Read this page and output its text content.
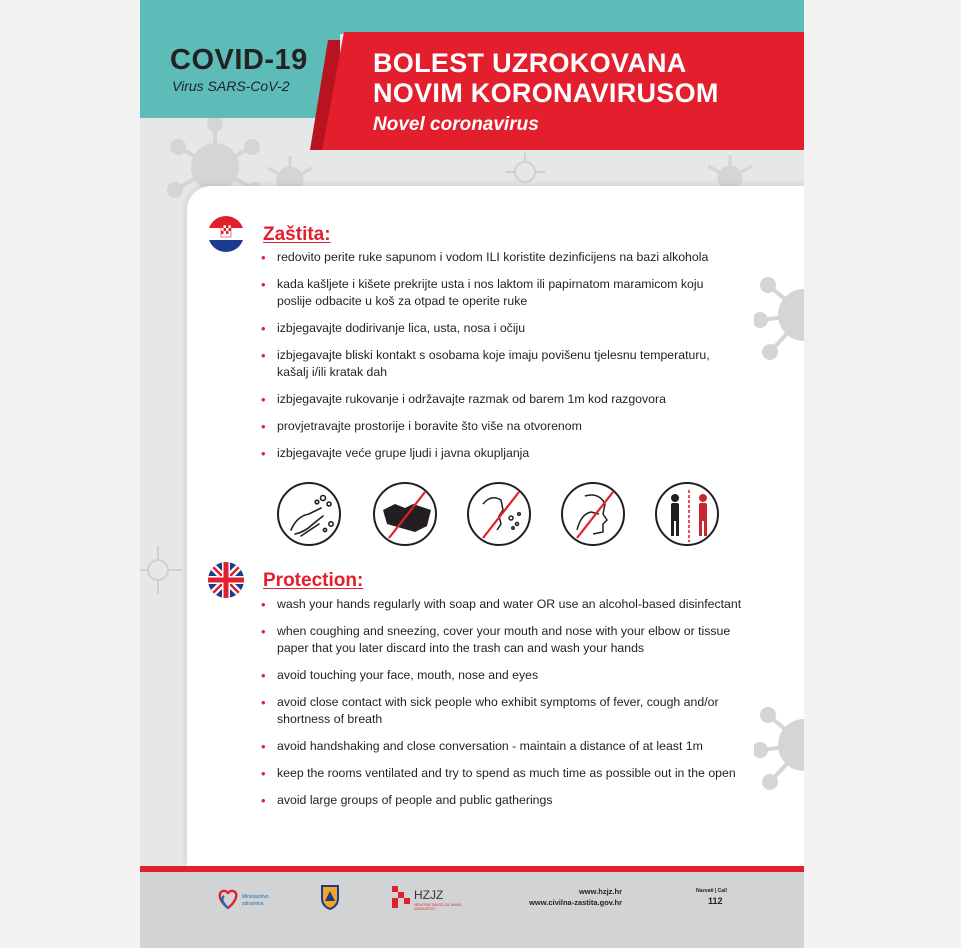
COVID-19
Virus SARS-CoV-2
BOLEST UZROKOVANA
NOVIM KORONAVIRUSOM
Novel coronavirus
Zaštita:
• redovito perite ruke sapunom i vodom ILI koristite dezinficijens na bazi alkohola
• kada kašljete i kišete prekrijte usta i nos laktom ili papirnatom maramicom koju poslije odbacite u koš za otpad te operite ruke
• izbjegavajte dodirivanje lica, usta, nosa i očiju
• izbjegavajte bliski kontakt s osobama koje imaju povišenu tjelesnu temperaturu, kašalj i/ili kratak dah
• izbjegavajte rukovanje i održavajte razmak od barem 1m kod razgovora
• provjetravajte prostorije i boravite što više na otvorenom
• izbjegavajte veće grupe ljudi i javna okupljanja
Protection:
• wash your hands regularly with soap and water OR use an alcohol-based disinfectant
• when coughing and sneezing, cover your mouth and nose with your elbow or tissue paper that you later discard into the trash can and wash your hands
• avoid touching your face, mouth, nose and eyes
• avoid close contact with sick people who exhibit symptoms of fever, cough and/or shortness of breath
• avoid handshaking and close conversation - maintain a distance of at least 1m
• keep the rooms ventilated and try to spend as much time as possible out in the open
• avoid large groups of people and public gatherings
Ministarstvo
zdravstva
HZJZ
HRVATSKI ZAVOD ZA JAVNO ZDRAVSTVO
www.hzjz.hr
www.civilna-zastita.gov.hr
Nazvati | Call
112
